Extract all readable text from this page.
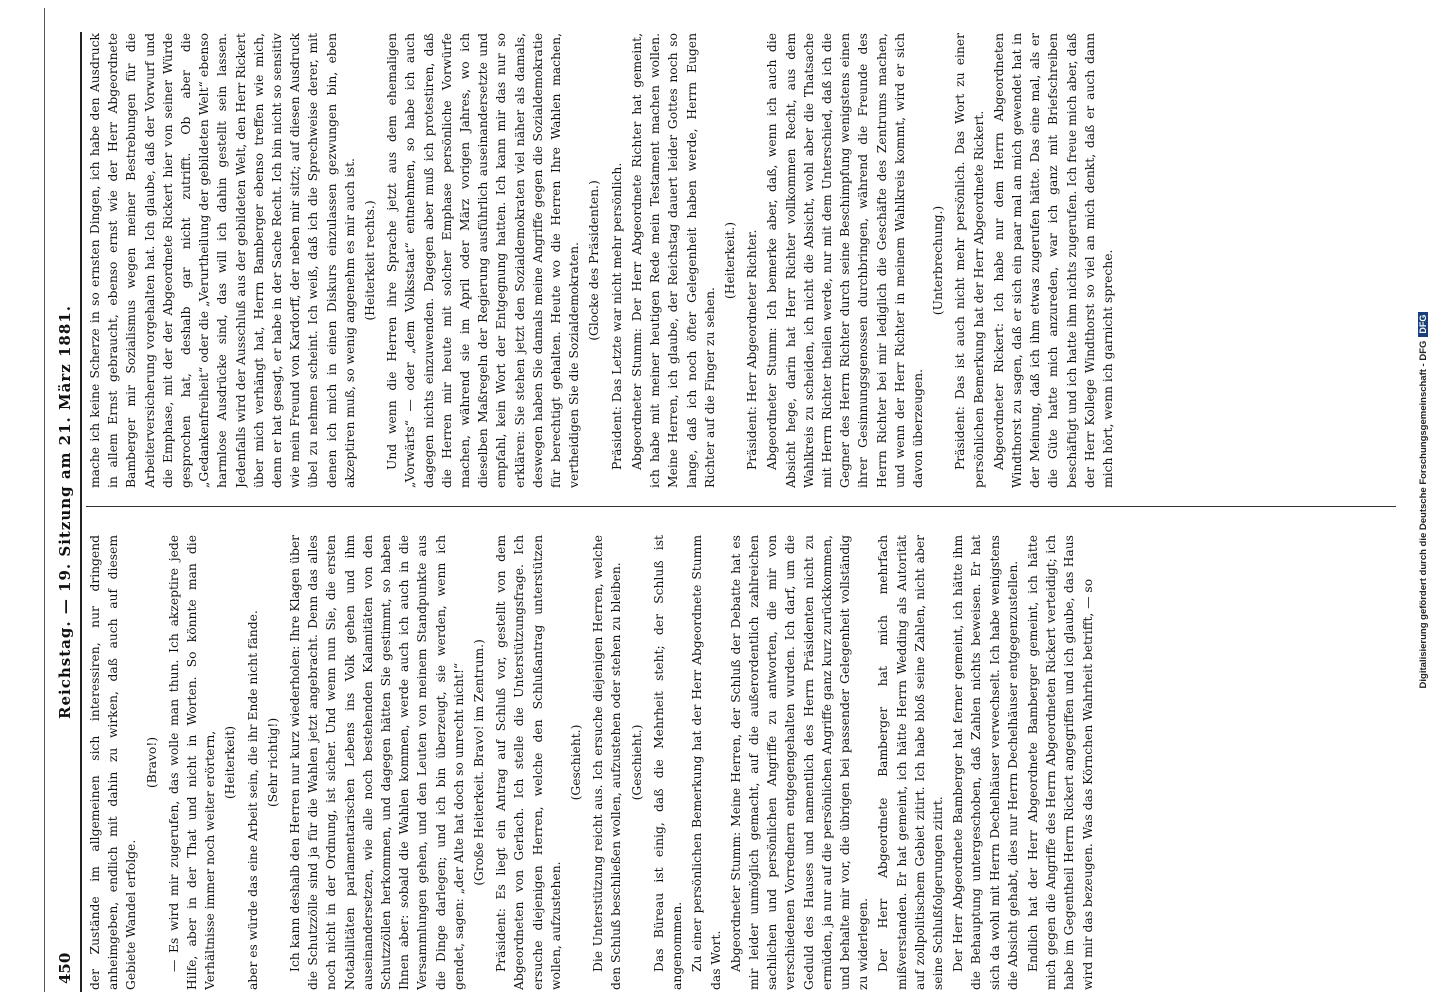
450
Reichstag. — 19. Sitzung am 21. März 1881.

der Zustände im allgemeinen sich interessiren, nur dringend anheimgeben, endlich mit dahin zu wirken, daß auch auf diesem Gebiete Wandel erfolge.

(Bravo!) — Es wird mir zugerufen, das wolle man thun. Ich akzeptire jede Hilfe, aber in der That und nicht in Worten. So könnte man die Verhältnisse immer noch weiter erörtern, (Heiterkeit) aber es würde das eine Arbeit sein, die ihr Ende nicht fände. (Sehr richtig!) Ich kann deshalb den Herren nur kurz wiederholen: Ihre Klagen über die Schutzzölle sind ja für die Wahlen jetzt angebracht. Denn das alles noch nicht in der Ordnung, ist sicher. Und wenn nun Sie, die ersten Notabilitäten parlamentarischen Lebens ins Volk gehen und ihm auseinandersetzen, wie alle noch bestehenden Kalamitäten von den Schutzzöllen herkommen, und dagegen hätten Sie gestimmt, so haben Ihnen aber: sobald die Wahlen kommen, werde auch ich auch in die Versammlungen gehen, und den Leuten von meinem Standpunkte aus die Dinge darlegen; und ich bin überzeugt, sie werden, wenn ich gendet, sagen: „der Alte hat doch so unrecht nicht!“ (Große Heiterkeit. Bravo! im Zentrum.) Präsident: Es liegt ein Antrag auf Schluß vor, gestellt von dem Abgeordneten von Gerlach. Ich stelle die Unterstützungsfrage. Ich ersuche diejenigen Herren, welche den Schlußantrag unterstützen wollen, aufzustehen.

(Geschieht.) Die Unterstützung reicht aus. Ich ersuche diejenigen Herren, welche den Schluß beschließen wollen, aufzustehen oder stehen zu bleiben. (Geschieht.) Das Büreau ist einig, daß die Mehrheit steht; der Schluß ist angenommen. Zu einer persönlichen Bemerkung hat der Herr Abgeordnete Stumm das Wort. Abgeordneter Stumm: Meine Herren, der Schluß der Debatte hat es mir leider unmöglich gemacht, auf die außerordentlich zahlreichen sachlichen und persönlichen Angriffe zu antworten, die mir von verschiedenen Vorrednern entgegengehalten wurden. Ich darf, um die Geduld des Hauses und namentlich des Herrn Präsidenten nicht zu ermüden, ja nur auf die persönlichen Angriffe ganz kurz zurückkommen, und behalte mir vor, die übrigen bei passender Gelegenheit vollständig zu widerlegen. Der Herr Abgeordnete Bamberger hat mich mehrfach mißverstanden. Er hat gemeint, ich hätte Herrn Wedding als Autorität auf zollpolitischem Gebiet zitirt. Ich habe bloß seine Zahlen, nicht aber seine Schlußfolgerungen zitirt. Der Herr Abgeordnete Bamberger hat ferner gemeint, ich hätte ihm die Behauptung untergeschoben, daß Zahlen nichts beweisen. Er hat sich da wohl mit Herrn Dechelhäuser verwechselt. Ich habe wenigstens die Absicht gehabt, dies nur Herrn Dechelhäuser entgegenzustellen. Endlich hat der Herr Abgeordnete Bamberger gemeint, ich hätte mich gegen die Angriffe des Herrn Abgeordneten Rickert verteidigt; ich habe im Gegentheil Herrn Rickert angegriffen und ich glaube, das Haus wird mir das bezeugen. Was das Körnchen Wahrheit betrifft, — so

mache ich keine Scherze in so ernsten Dingen, ich habe den Ausdruck in allem Ernst gebraucht, ebenso ernst wie der Herr Abgeordnete Bamberger mir Sozialismus wegen meiner Bestrebungen für die Arbeiterversicherung vorgehalten hat. Ich glaube, daß der Vorwurf und die Emphase, mit der der Abgeordnete Rickert hier von seiner Würde gesprochen hat, deshalb gar nicht zutrifft. Ob aber die „Gedankenfreiheit“ oder die „Verurtheilung der gebildeten Welt“ ebenso harmlose Ausdrücke sind, das will ich dahin gestellt sein lassen. Jedenfalls wird der Ausschluß aus der gebildeten Welt, den Herr Rickert über mich verhängt hat, Herrn Bamberger ebenso treffen wie mich, denn er hat gesagt, er habe in der Sache Recht. Ich bin nicht so sensitiv wie mein Freund von Kardorff, der neben mir sitzt; auf diesen Ausdruck übel zu nehmen scheint. Ich weiß, daß ich die Sprechweise derer, mit denen ich mich in einen Diskurs einzulassen gezwungen bin, eben akzeptiren muß, so wenig angenehm es mir auch ist. (Heiterkeit rechts.) Und wenn die Herren ihre Sprache jetzt aus dem ehemaligen „Vorwärts“ — oder „dem Volksstaat“ entnehmen, so habe ich auch dagegen nichts einzuwenden. Dagegen aber muß ich protestiren, daß die Herren mir heute mit solcher Emphase persönliche Vorwürfe machen, während sie im April oder März vorigen Jahres, wo ich dieselben Maßregeln der Regierung ausführlich auseinandersetzte und empfahl, kein Wort der Entgegnung hatten. Ich kann mir das nur so erklären: Sie stehen jetzt den Sozialdemokraten viel näher als damals, deswegen haben Sie damals meine Angriffe gegen die Sozialdemokratie für berechtigt gehalten. Heute wo die Herren Ihre Wahlen machen, vertheidigen Sie die Sozialdemokraten. (Glocke des Präsidenten.) Präsident: Das Letzte war nicht mehr persönlich. Abgeordneter Stumm: Der Herr Abgeordnete Richter hat gemeint, ich habe mit meiner heutigen Rede mein Testament machen wollen. Meine Herren, ich glaube, der Reichstag dauert leider Gottes noch so lange, daß ich noch öfter Gelegenheit haben werde, Herrn Eugen Richter auf die Finger zu sehen.

(Heiterkeit.) Präsident: Herr Abgeordneter Richter. Abgeordneter Stumm: Ich bemerke aber, daß, wenn ich auch die Absicht hege, darin hat Herr Richter vollkommen Recht, aus dem Wahlkreis zu scheiden, ich nicht die Absicht, wohl aber die Thatsache mit Herrn Richter theilen werde, nur mit dem Unterschied, daß ich die Gegner des Herrn Richter durch seine Beschimpfung wenigstens einen ihrer Gesinnungsgenossen durchbringen, während die Freunde des Herrn Richter bei mir lediglich die Geschäfte des Zentrums machen, und wenn der Herr Richter in meinem Wahlkreis kommt, wird er sich davon überzeugen.

(Unterbrechung.) Präsident: Das ist auch nicht mehr persönlich. Das Wort zu einer persönlichen Bemerkung hat der Herr Abgeordnete Rickert. Abgeordneter Rickert: Ich habe nur dem Herrn Abgeordneten Windthorst zu sagen, daß er sich ein paar mal an mich gewendet hat in der Meinung, daß ich ihm etwas zugerufen hätte. Das eine mal, als er die Güte hatte mich anzureden, war ich ganz mit Briefschreiben beschäftigt und ich hatte ihm nichts zugerufen. Ich freue mich aber, daß der Herr Kollege Windthorst so viel an mich denkt, daß er auch dann mich hört, wenn ich garnicht spreche.	Digitalisierung gefördert durch die Deutsche Forschungsgemeinschaft - DFGDFG
